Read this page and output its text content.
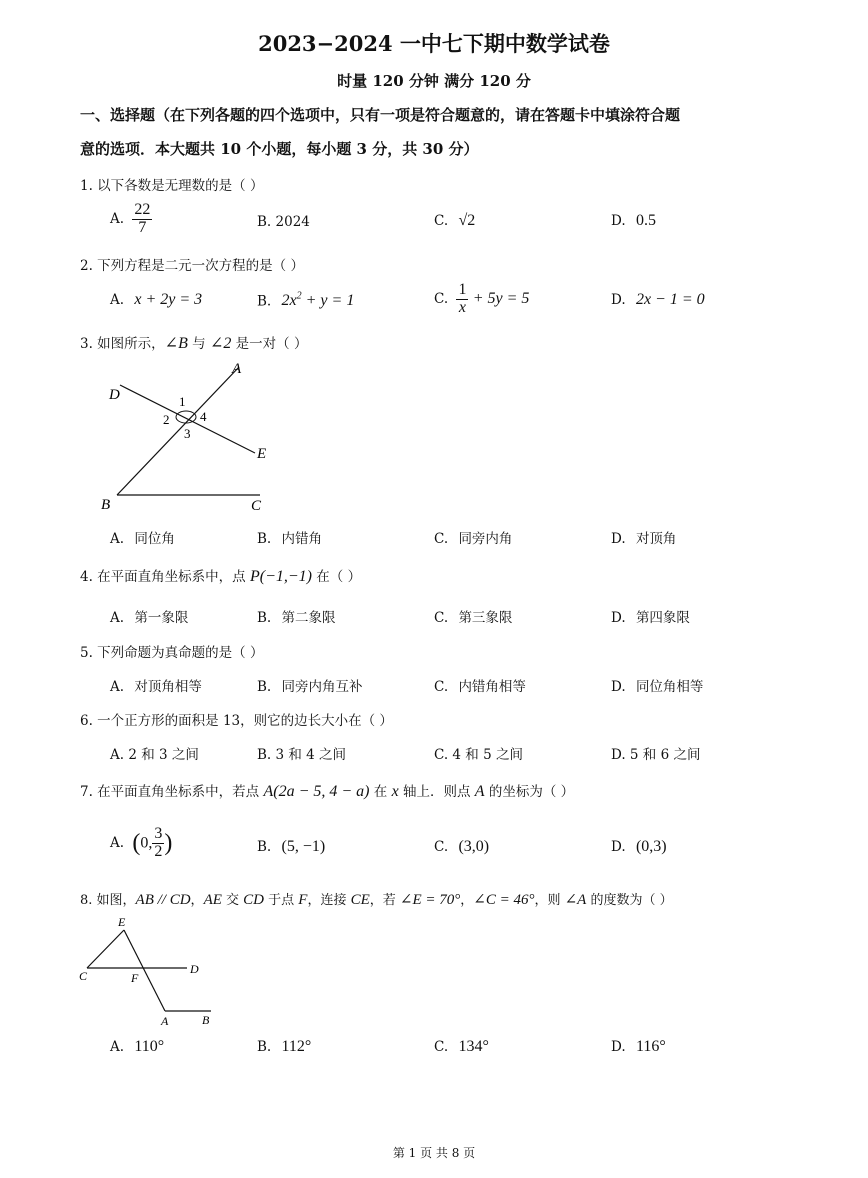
2023−2024 一中七下期中数学试卷
时量 120 分钟 满分 120 分
一、选择题（在下列各题的四个选项中，只有一项是符合题意的，请在答题卡中填涂符合题
意的选项．本大题共 10 个小题，每小题 3 分，共 30 分）
1. 以下各数是无理数的是（ ）
A. $\frac{22}{7}$	B. 2024	C. √2	D. 0.5
2. 下列方程是二元一次方程的是（ ）
A. x + 2y = 3	B. $2x^2 + y = 1$	C. $\frac{1}{x} + 5y = 5$	D. 2x − 1 = 0
3. 如图所示，∠B 与 ∠2 是一对（ ）
A
D
E
B	C
1
2
3
4
A. 同位角	B. 内错角	C. 同旁内角	D. 对顶角
4. 在平面直角坐标系中，点 P(−1,−1) 在（ ）
A. 第一象限	B. 第二象限	C. 第三象限	D. 第四象限
5. 下列命题为真命题的是（ ）
A. 对顶角相等	B. 同旁内角互补	C. 内错角相等	D. 同位角相等
6. 一个正方形的面积是 13，则它的边长大小在（ ）
A. 2 和 3 之间	B. 3 和 4 之间	C. 4 和 5 之间	D. 5 和 6 之间
7. 在平面直角坐标系中，若点 A(2a − 5, 4 − a) 在 x 轴上．则点 A 的坐标为（ ）
A. (0, $\frac{3}{2}$ )	B. (5, −1)	C. (3,0)	D. (0,3)
8. 如图，AB // CD，AE 交 CD 于点 F，连接 CE，若 ∠E = 70°，∠C = 46°，则 ∠A 的度数为（ ）
E
C	F
D
A	B
A. 110°	B. 112°	C. 134°	D. 116°
第 1 页 共 8 页
